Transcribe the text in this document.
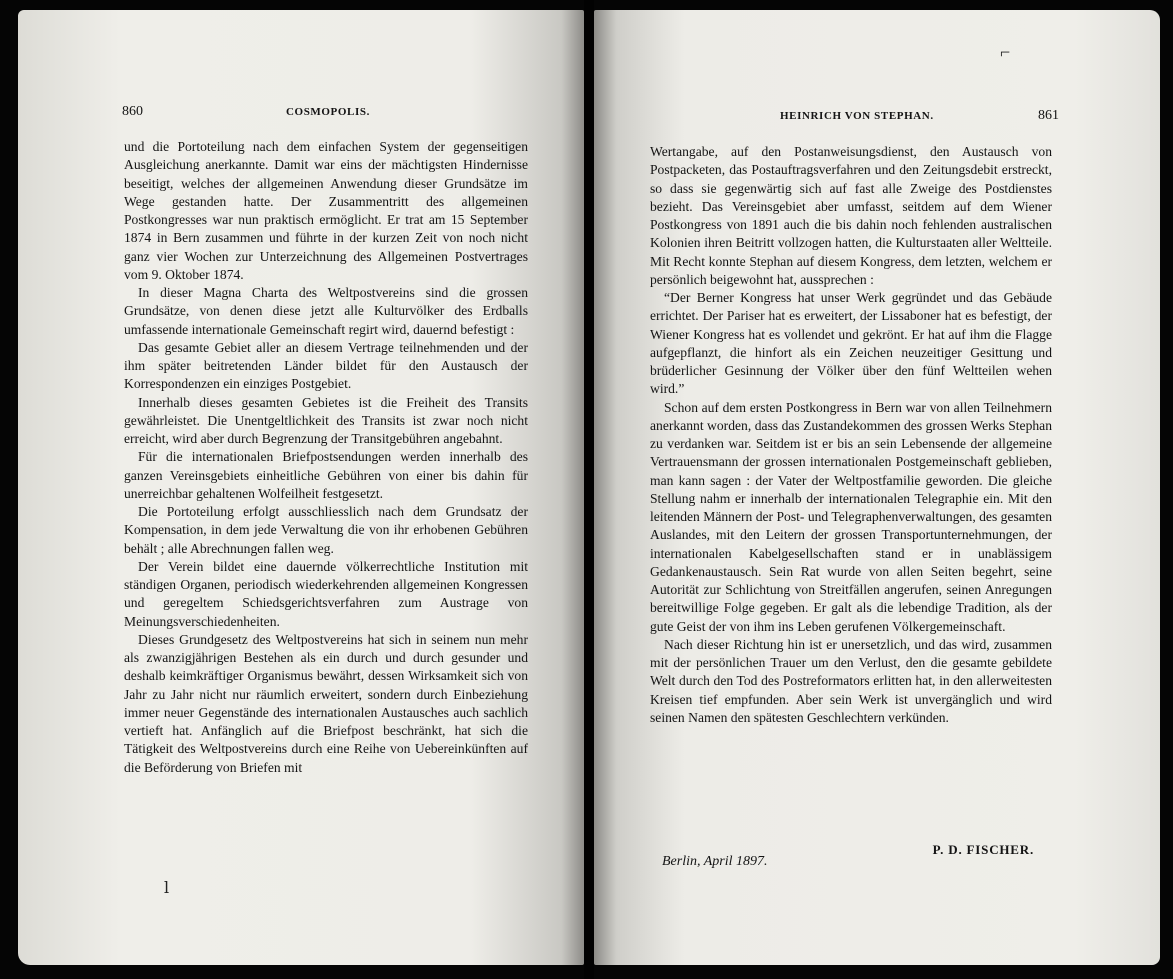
860	COSMOPOLIS.

und die Portoteilung nach dem einfachen System der gegenseitigen Ausgleichung anerkannte. Damit war eins der mächtigsten Hindernisse beseitigt, welches der allgemeinen Anwendung dieser Grundsätze im Wege gestanden hatte. Der Zusammentritt des allgemeinen Postkongresses war nun praktisch ermöglicht. Er trat am 15 September 1874 in Bern zusammen und führte in der kurzen Zeit von noch nicht ganz vier Wochen zur Unterzeichnung des Allgemeinen Postvertrages vom 9. Oktober 1874.

In dieser Magna Charta des Weltpostvereins sind die grossen Grundsätze, von denen diese jetzt alle Kulturvölker des Erdballs umfassende internationale Gemeinschaft regirt wird, dauernd befestigt :

Das gesamte Gebiet aller an diesem Vertrage teilnehmenden und der ihm später beitretenden Länder bildet für den Austausch der Korrespondenzen ein einziges Postgebiet.

Innerhalb dieses gesamten Gebietes ist die Freiheit des Transits gewährleistet. Die Unentgeltlichkeit des Transits ist zwar noch nicht erreicht, wird aber durch Begrenzung der Transitgebühren angebahnt.

Für die internationalen Briefpostsendungen werden innerhalb des ganzen Vereinsgebiets einheitliche Gebühren von einer bis dahin für unerreichbar gehaltenen Wolfeilheit festgesetzt.

Die Portoteilung erfolgt ausschliesslich nach dem Grundsatz der Kompensation, in dem jede Verwaltung die von ihr erhobenen Gebühren behält ; alle Abrechnungen fallen weg.

Der Verein bildet eine dauernde völkerrechtliche Institution mit ständigen Organen, periodisch wiederkehrenden allgemeinen Kongressen und geregeltem Schiedsgerichtsverfahren zum Austrage von Meinungsverschiedenheiten.

Dieses Grundgesetz des Weltpostvereins hat sich in seinem nun mehr als zwanzigjährigen Bestehen als ein durch und durch gesunder und deshalb keimkräftiger Organismus bewährt, dessen Wirksamkeit sich von Jahr zu Jahr nicht nur räumlich erweitert, sondern durch Einbeziehung immer neuer Gegenstände des internationalen Austausches auch sachlich vertieft hat. Anfänglich auf die Briefpost beschränkt, hat sich die Tätigkeit des Weltpostvereins durch eine Reihe von Uebereinkünften auf die Beförderung von Briefen mit

ⅼ
HEINRICH VON STEPHAN.	861

Wertangabe, auf den Postanweisungsdienst, den Austausch von Postpacketen, das Postauftragsverfahren und den Zeitungsdebit erstreckt, so dass sie gegenwärtig sich auf fast alle Zweige des Postdienstes bezieht. Das Vereinsgebiet aber umfasst, seitdem auf dem Wiener Postkongress von 1891 auch die bis dahin noch fehlenden australischen Kolonien ihren Beitritt vollzogen hatten, die Kulturstaaten aller Weltteile. Mit Recht konnte Stephan auf diesem Kongress, dem letzten, welchem er persönlich beigewohnt hat, aussprechen :

“Der Berner Kongress hat unser Werk gegründet und das Gebäude errichtet. Der Pariser hat es erweitert, der Lissaboner hat es befestigt, der Wiener Kongress hat es vollendet und gekrönt. Er hat auf ihm die Flagge aufgepflanzt, die hinfort als ein Zeichen neuzeitiger Gesittung und brüderlicher Gesinnung der Völker über den fünf Weltteilen wehen wird.”

Schon auf dem ersten Postkongress in Bern war von allen Teilnehmern anerkannt worden, dass das Zustandekommen des grossen Werks Stephan zu verdanken war. Seitdem ist er bis an sein Lebensende der allgemeine Vertrauensmann der grossen internationalen Postgemeinschaft geblieben, man kann sagen : der Vater der Weltpostfamilie geworden. Die gleiche Stellung nahm er innerhalb der internationalen Telegraphie ein. Mit den leitenden Männern der Post- und Telegraphenverwaltungen, des gesamten Auslandes, mit den Leitern der grossen Transportunternehmungen, der internationalen Kabelgesellschaften stand er in unablässigem Gedankenaustausch. Sein Rat wurde von allen Seiten begehrt, seine Autorität zur Schlichtung von Streitfällen angerufen, seinen Anregungen bereitwillige Folge gegeben. Er galt als die lebendige Tradition, als der gute Geist der von ihm ins Leben gerufenen Völkergemeinschaft.

Nach dieser Richtung hin ist er unersetzlich, und das wird, zusammen mit der persönlichen Trauer um den Verlust, den die gesamte gebildete Welt durch den Tod des Postreformators erlitten hat, in den allerweitesten Kreisen tief empfunden. Aber sein Werk ist unvergänglich und wird seinen Namen den spätesten Geschlechtern verkünden.

Berlin, April 1897.
P. D. FISCHER.
⌐
